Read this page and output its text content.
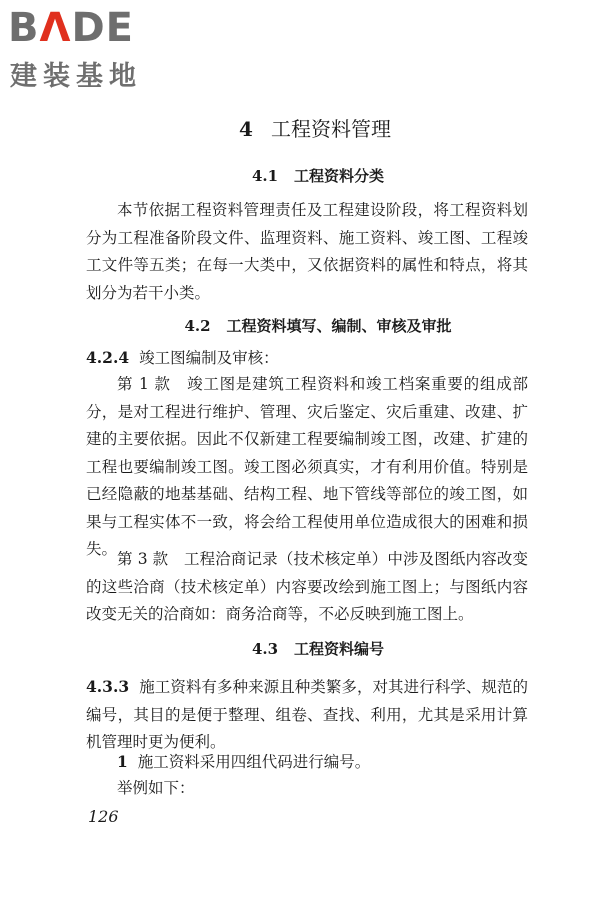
BΛDE
建装基地
4 工程资料管理
4.1 工程资料分类

本节依据工程资料管理责任及工程建设阶段，将工程资料划分为工程准备阶段文件、监理资料、施工资料、竣工图、工程竣工文件等五类；在每一大类中，又依据资料的属性和特点，将其划分为若干小类。

4.2 工程资料填写、编制、审核及审批

4.2.4 竣工图编制及审核：

第 1 款　竣工图是建筑工程资料和竣工档案重要的组成部分，是对工程进行维护、管理、灾后鉴定、灾后重建、改建、扩建的主要依据。因此不仅新建工程要编制竣工图，改建、扩建的工程也要编制竣工图。竣工图必须真实，才有利用价值。特别是已经隐蔽的地基基础、结构工程、地下管线等部位的竣工图，如果与工程实体不一致，将会给工程使用单位造成很大的困难和损失。

第 3 款　工程洽商记录（技术核定单）中涉及图纸内容改变的这些洽商（技术核定单）内容要改绘到施工图上；与图纸内容改变无关的洽商如：商务洽商等，不必反映到施工图上。

4.3 工程资料编号

4.3.3 施工资料有多种来源且种类繁多，对其进行科学、规范的编号，其目的是便于整理、组卷、查找、利用，尤其是采用计算机管理时更为便利。

1 施工资料采用四组代码进行编号。

举例如下：

126
